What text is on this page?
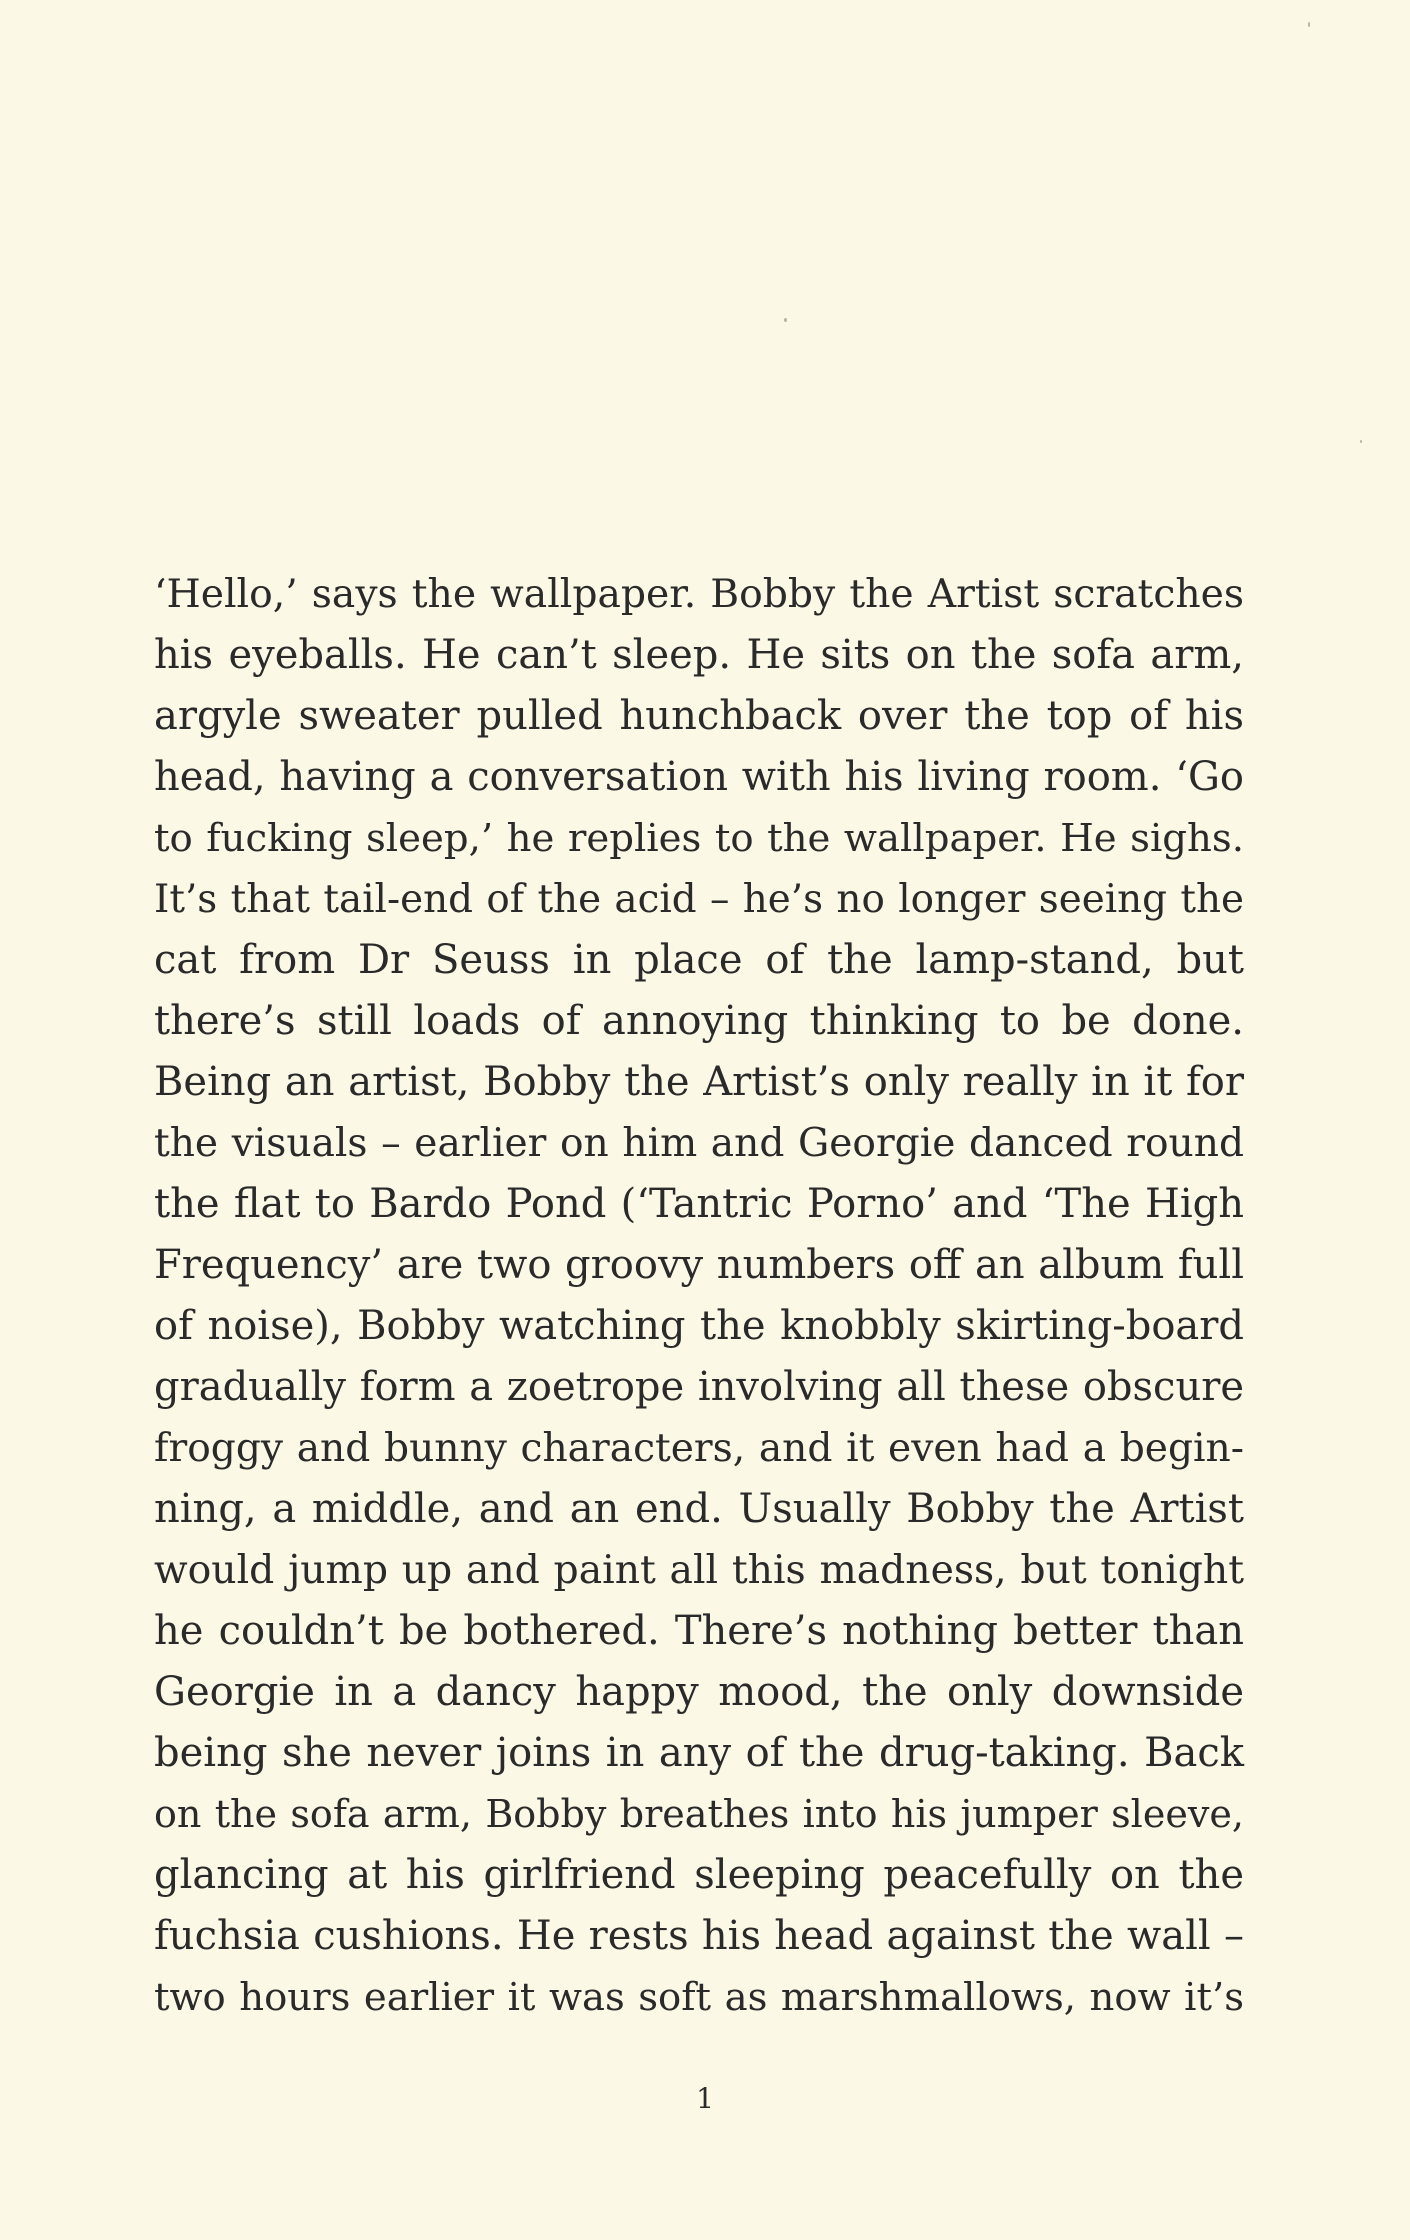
‘Hello,’ says the wallpaper. Bobby the Artist scratches
his eyeballs. He can’t sleep. He sits on the sofa arm,
argyle sweater pulled hunchback over the top of his
head, having a conversation with his living room. ‘Go
to fucking sleep,’ he replies to the wallpaper. He sighs.
It’s that tail-end of the acid – he’s no longer seeing the
cat from Dr Seuss in place of the lamp-stand, but
there’s still loads of annoying thinking to be done.
Being an artist, Bobby the Artist’s only really in it for
the visuals – earlier on him and Georgie danced round
the flat to Bardo Pond (‘Tantric Porno’ and ‘The High
Frequency’ are two groovy numbers off an album full
of noise), Bobby watching the knobbly skirting-board
gradually form a zoetrope involving all these obscure
froggy and bunny characters, and it even had a begin-
ning, a middle, and an end. Usually Bobby the Artist
would jump up and paint all this madness, but tonight
he couldn’t be bothered. There’s nothing better than
Georgie in a dancy happy mood, the only downside
being she never joins in any of the drug-taking. Back
on the sofa arm, Bobby breathes into his jumper sleeve,
glancing at his girlfriend sleeping peacefully on the
fuchsia cushions. He rests his head against the wall –
two hours earlier it was soft as marshmallows, now it’s
1
